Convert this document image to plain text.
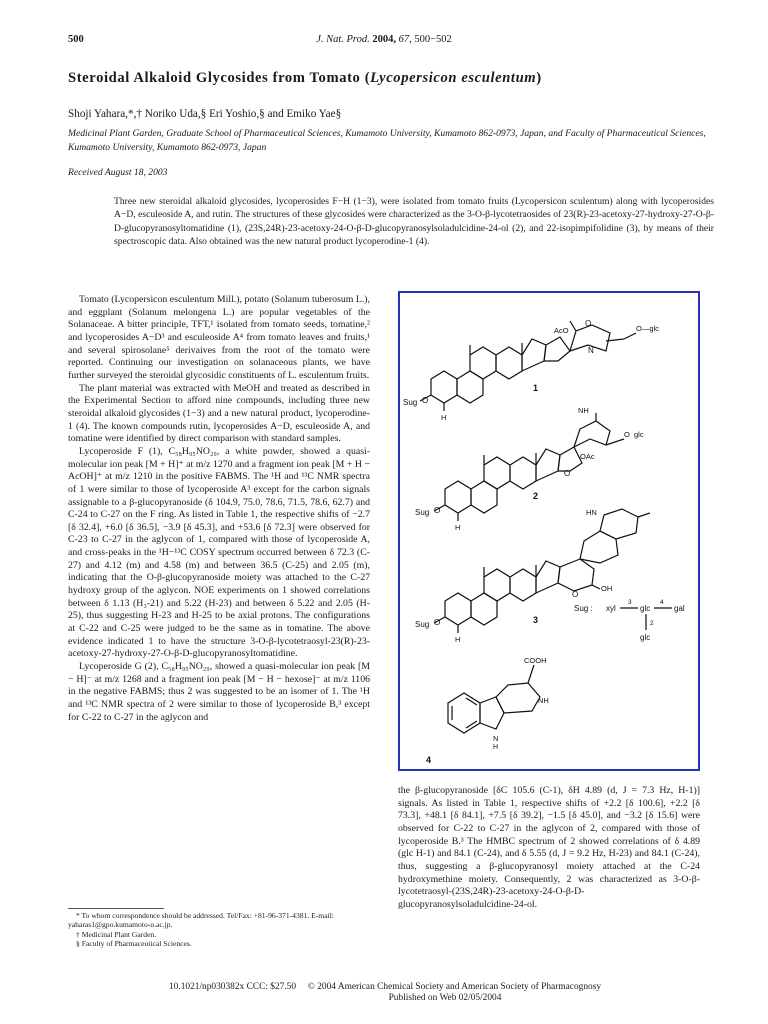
500	J. Nat. Prod. 2004, 67, 500−502
Steroidal Alkaloid Glycosides from Tomato (Lycopersicon esculentum)
Shoji Yahara,*,† Noriko Uda,§ Eri Yoshio,§ and Emiko Yae§
Medicinal Plant Garden, Graduate School of Pharmaceutical Sciences, Kumamoto University, Kumamoto 862-0973, Japan, and Faculty of Pharmaceutical Sciences, Kumamoto University, Kumamoto 862-0973, Japan
Received August 18, 2003

Three new steroidal alkaloid glycosides, lycoperosides F−H (1−3), were isolated from tomato fruits (Lycopersicon sculentum) along with lycoperosides A−D, esculeoside A, and rutin. The structures of these glycosides were characterized as the 3-O-β-lycotetraosides of 23(R)-23-acetoxy-27-hydroxy-27-O-β-D-glucopyranosyltomatidine (1), (23S,24R)-23-acetoxy-24-O-β-D-glucopyranosylsoladulcidine-24-ol (2), and 22-isopimpifolidine (3), by means of their spectroscopic data. Also obtained was the new natural product lycoperodine-1 (4).

Tomato (Lycopersicon esculentum Mill.), potato (Solanum tuberosum L.), and eggplant (Solanum melongena L.) are popular vegetables of the Solanaceae. A bitter principle, TFT,¹ isolated from tomato seeds, tomatine,² and lycoperosides A−D³ and esculeoside A⁴ from tomato leaves and fruits,¹ and several spirosolane⁵ derivaives from the root of the tomato were reported. Continuing our investigation on solanaceous plants, we have further surveyed the steroidal glycosidic constituents of L. esculentum fruits.

The plant material was extracted with MeOH and treated as described in the Experimental Section to afford nine compounds, including three new steroidal alkaloid glycosides (1−3) and a new natural product, lycoperodine-1 (4). The known compounds rutin, lycoperosides A−D, esculeoside A, and tomatine were identified by direct comparison with standard samples.

Lycoperoside F (1), C₅₈H₉₅NO₂₉, a white powder, showed a quasi-molecular ion peak [M + H]⁺ at m/z 1270 and a fragment ion peak [M + H − AcOH]⁺ at m/z 1210 in the positive FABMS. The ¹H and ¹³C NMR spectra of 1 were similar to those of lycoperoside A³ except for the carbon signals assignable to a β-glucopyranoside (δ 104.9, 75.0, 78.6, 71.5, 78.6, 62.7) and C-24 to C-27 on the F ring. As listed in Table 1, the respective shifts of −2.7 [δ 32.4], +6.0 [δ 36.5], −3.9 [δ 45.3], and +53.6 [δ 72.3] were observed for C-23 to C-27 in the aglycon of 1, compared with those of lycoperoside A, and cross-peaks in the ¹H−¹³C COSY spectrum occurred between δ 72.3 (C-27) and 4.12 (m) and 4.58 (m) and between 36.5 (C-25) and 2.05 (m), indicating that the O-β-glucopyranoside moiety was attached to the C-27 hydroxy group of the aglycon. NOE experiments on 1 showed correlations between δ 1.13 (H₃-21) and 5.22 (H-23) and between δ 5.22 and 2.05 (H-25), thus suggesting H-23 and H-25 to be axial protons. The configurations at C-22 and C-25 were judged to be the same as in tomatine. The above evidence indicated 1 to have the structure 3-O-β-lycotetraosyl-23(R)-23-acetoxy-27-hydroxy-27-O-β-D-glucopyranosyltomatidine.

Lycoperoside G (2), C₅₈H₉₅NO₂₉, showed a quasi-molecular ion peak [M − H]⁻ at m/z 1268 and a fragment ion peak [M − H − hexose]⁻ at m/z 1106 in the negative FABMS; thus 2 was suggested to be an isomer of 1. The ¹H and ¹³C NMR spectra of 2 were similar to those of lycoperoside B,³ except for C-22 to C-27 in the aglycon and

Sug O
H
AcO
O
N
O—glc
1
Sug O
H
NH
O
OAc
O glc
2
Sug O
H
HN
O
OH
3
Sug : xyl
3
glc
4
gal
2
glc
COOH
NH
N
H
4

the β-glucopyranoside [δC 105.6 (C-1), δH 4.89 (d, J = 7.3 Hz, H-1)] signals. As listed in Table 1, respective shifts of +2.2 [δ 100.6], +2.2 [δ 73.3], +48.1 [δ 84.1], +7.5 [δ 39.2], −1.5 [δ 45.0], and −3.2 [δ 15.6] were observed for C-22 to C-27 in the aglycon of 2, compared with those of lycoperoside B.³ The HMBC spectrum of 2 showed correlations of δ 4.89 (glc H-1) and 84.1 (C-24), and δ 5.55 (d, J = 9.2 Hz, H-23) and 84.1 (C-24), thus, suggesting a β-glucopyranosyl moiety attached at the C-24 hydroxymethine moiety. Consequently, 2 was characterized as 3-O-β-lycotetraosyl-(23S,24R)-23-acetoxy-24-O-β-D-glucopyranosylsoladulcidine-24-ol.

* To whom correspondence should be addressed. Tel/Fax: +81-96-371-4381. E-mail: yaharas1@gpo.kumamoto-u.ac.jp.
† Medicinal Plant Garden.
§ Faculty of Pharmaceutical Sciences.
10.1021/np030382x CCC: $27.50 © 2004 American Chemical Society and American Society of Pharmacognosy
Published on Web 02/05/2004
